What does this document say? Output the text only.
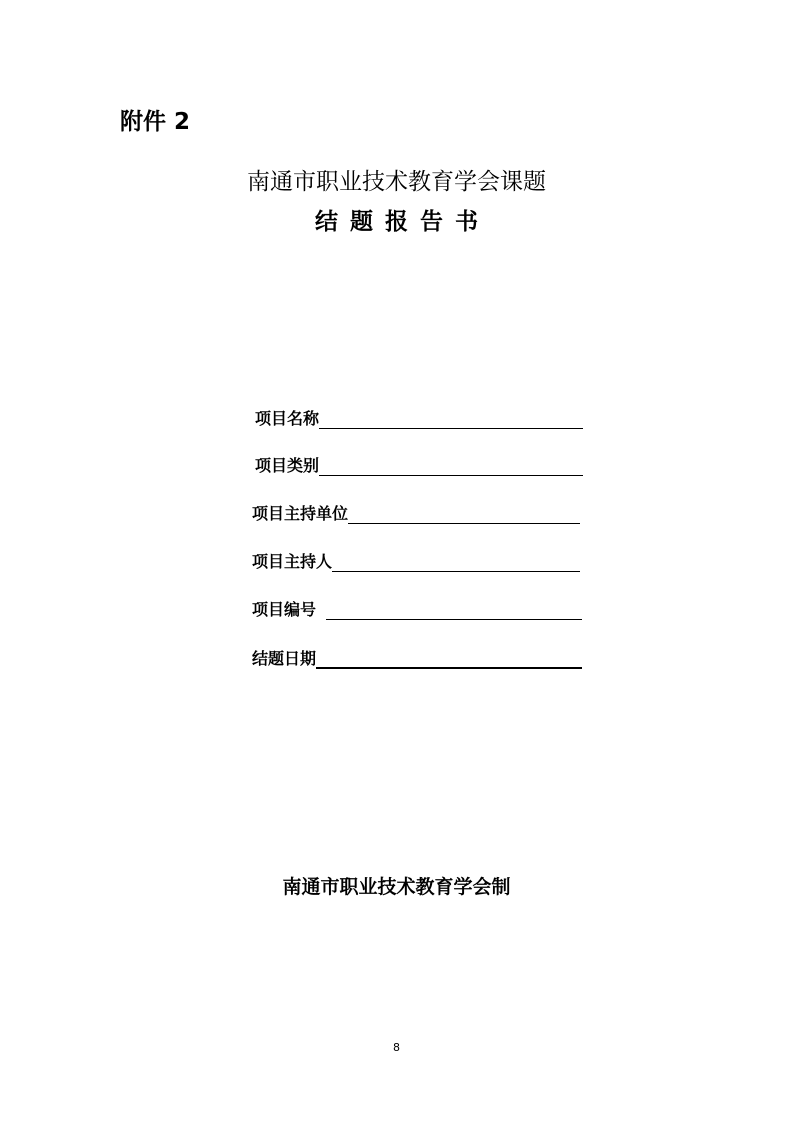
附件 2
南通市职业技术教育学会课题
结题报告书
项目名称
项目类别
项目主持单位
项目主持人
项目编号
结题日期
南通市职业技术教育学会制
8
